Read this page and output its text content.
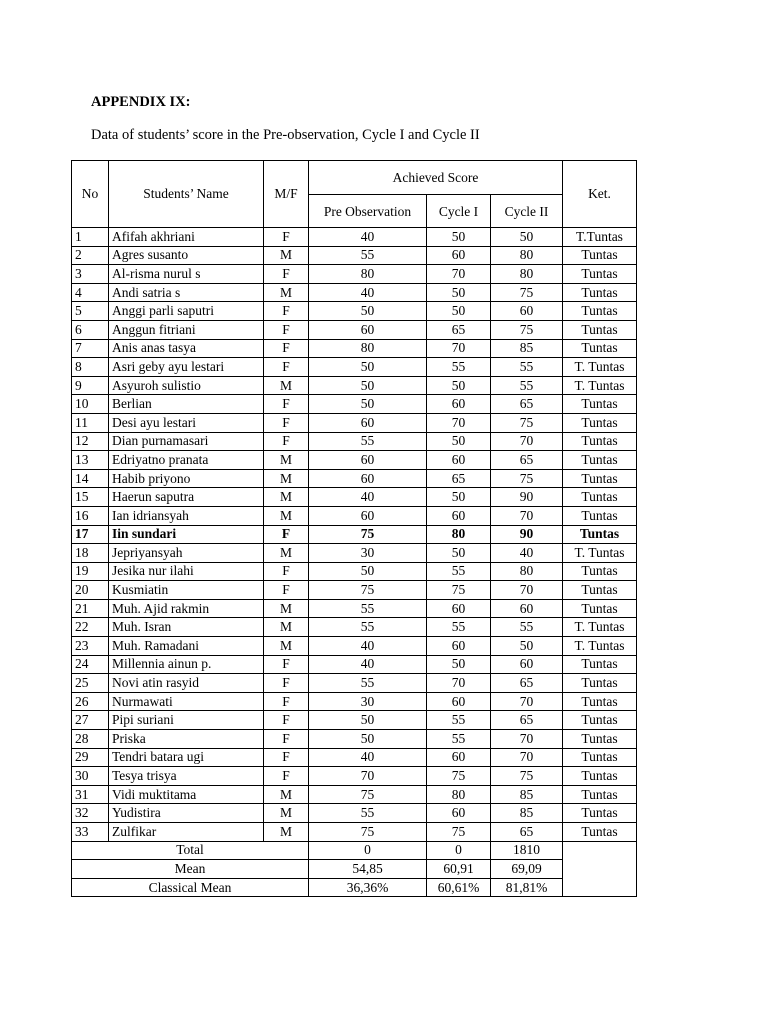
APPENDIX IX:
Data of students’ score in the Pre-observation, Cycle I and Cycle II
No	Students’ Name	M/F	Achieved Score			Ket.
			Pre Observation	Cycle I	Cycle II	
1	Afifah akhriani	F	40	50	50	T.Tuntas
2	Agres susanto	M	55	60	80	Tuntas
3	Al-risma nurul s	F	80	70	80	Tuntas
4	Andi satria s	M	40	50	75	Tuntas
5	Anggi parli saputri	F	50	50	60	Tuntas
6	Anggun fitriani	F	60	65	75	Tuntas
7	Anis anas tasya	F	80	70	85	Tuntas
8	Asri geby ayu lestari	F	50	55	55	T. Tuntas
9	Asyuroh sulistio	M	50	50	55	T. Tuntas
10	Berlian	F	50	60	65	Tuntas
11	Desi ayu lestari	F	60	70	75	Tuntas
12	Dian purnamasari	F	55	50	70	Tuntas
13	Edriyatno pranata	M	60	60	65	Tuntas
14	Habib priyono	M	60	65	75	Tuntas
15	Haerun saputra	M	40	50	90	Tuntas
16	Ian idriansyah	M	60	60	70	Tuntas
17	Iin sundari	F	75	80	90	Tuntas
18	Jepriyansyah	M	30	50	40	T. Tuntas
19	Jesika nur ilahi	F	50	55	80	Tuntas
20	Kusmiatin	F	75	75	70	Tuntas
21	Muh. Ajid rakmin	M	55	60	60	Tuntas
22	Muh. Isran	M	55	55	55	T. Tuntas
23	Muh. Ramadani	M	40	60	50	T. Tuntas
24	Millennia ainun p.	F	40	50	60	Tuntas
25	Novi atin rasyid	F	55	70	65	Tuntas
26	Nurmawati	F	30	60	70	Tuntas
27	Pipi suriani	F	50	55	65	Tuntas
28	Priska	F	50	55	70	Tuntas
29	Tendri batara ugi	F	40	60	70	Tuntas
30	Tesya trisya	F	70	75	75	Tuntas
31	Vidi muktitama	M	75	80	85	Tuntas
32	Yudistira	M	55	60	85	Tuntas
33	Zulfikar	M	75	75	65	Tuntas
Total			0	0	1810	
Mean			54,85	60,91	69,09	
Classical Mean			36,36%	60,61%	81,81%	
